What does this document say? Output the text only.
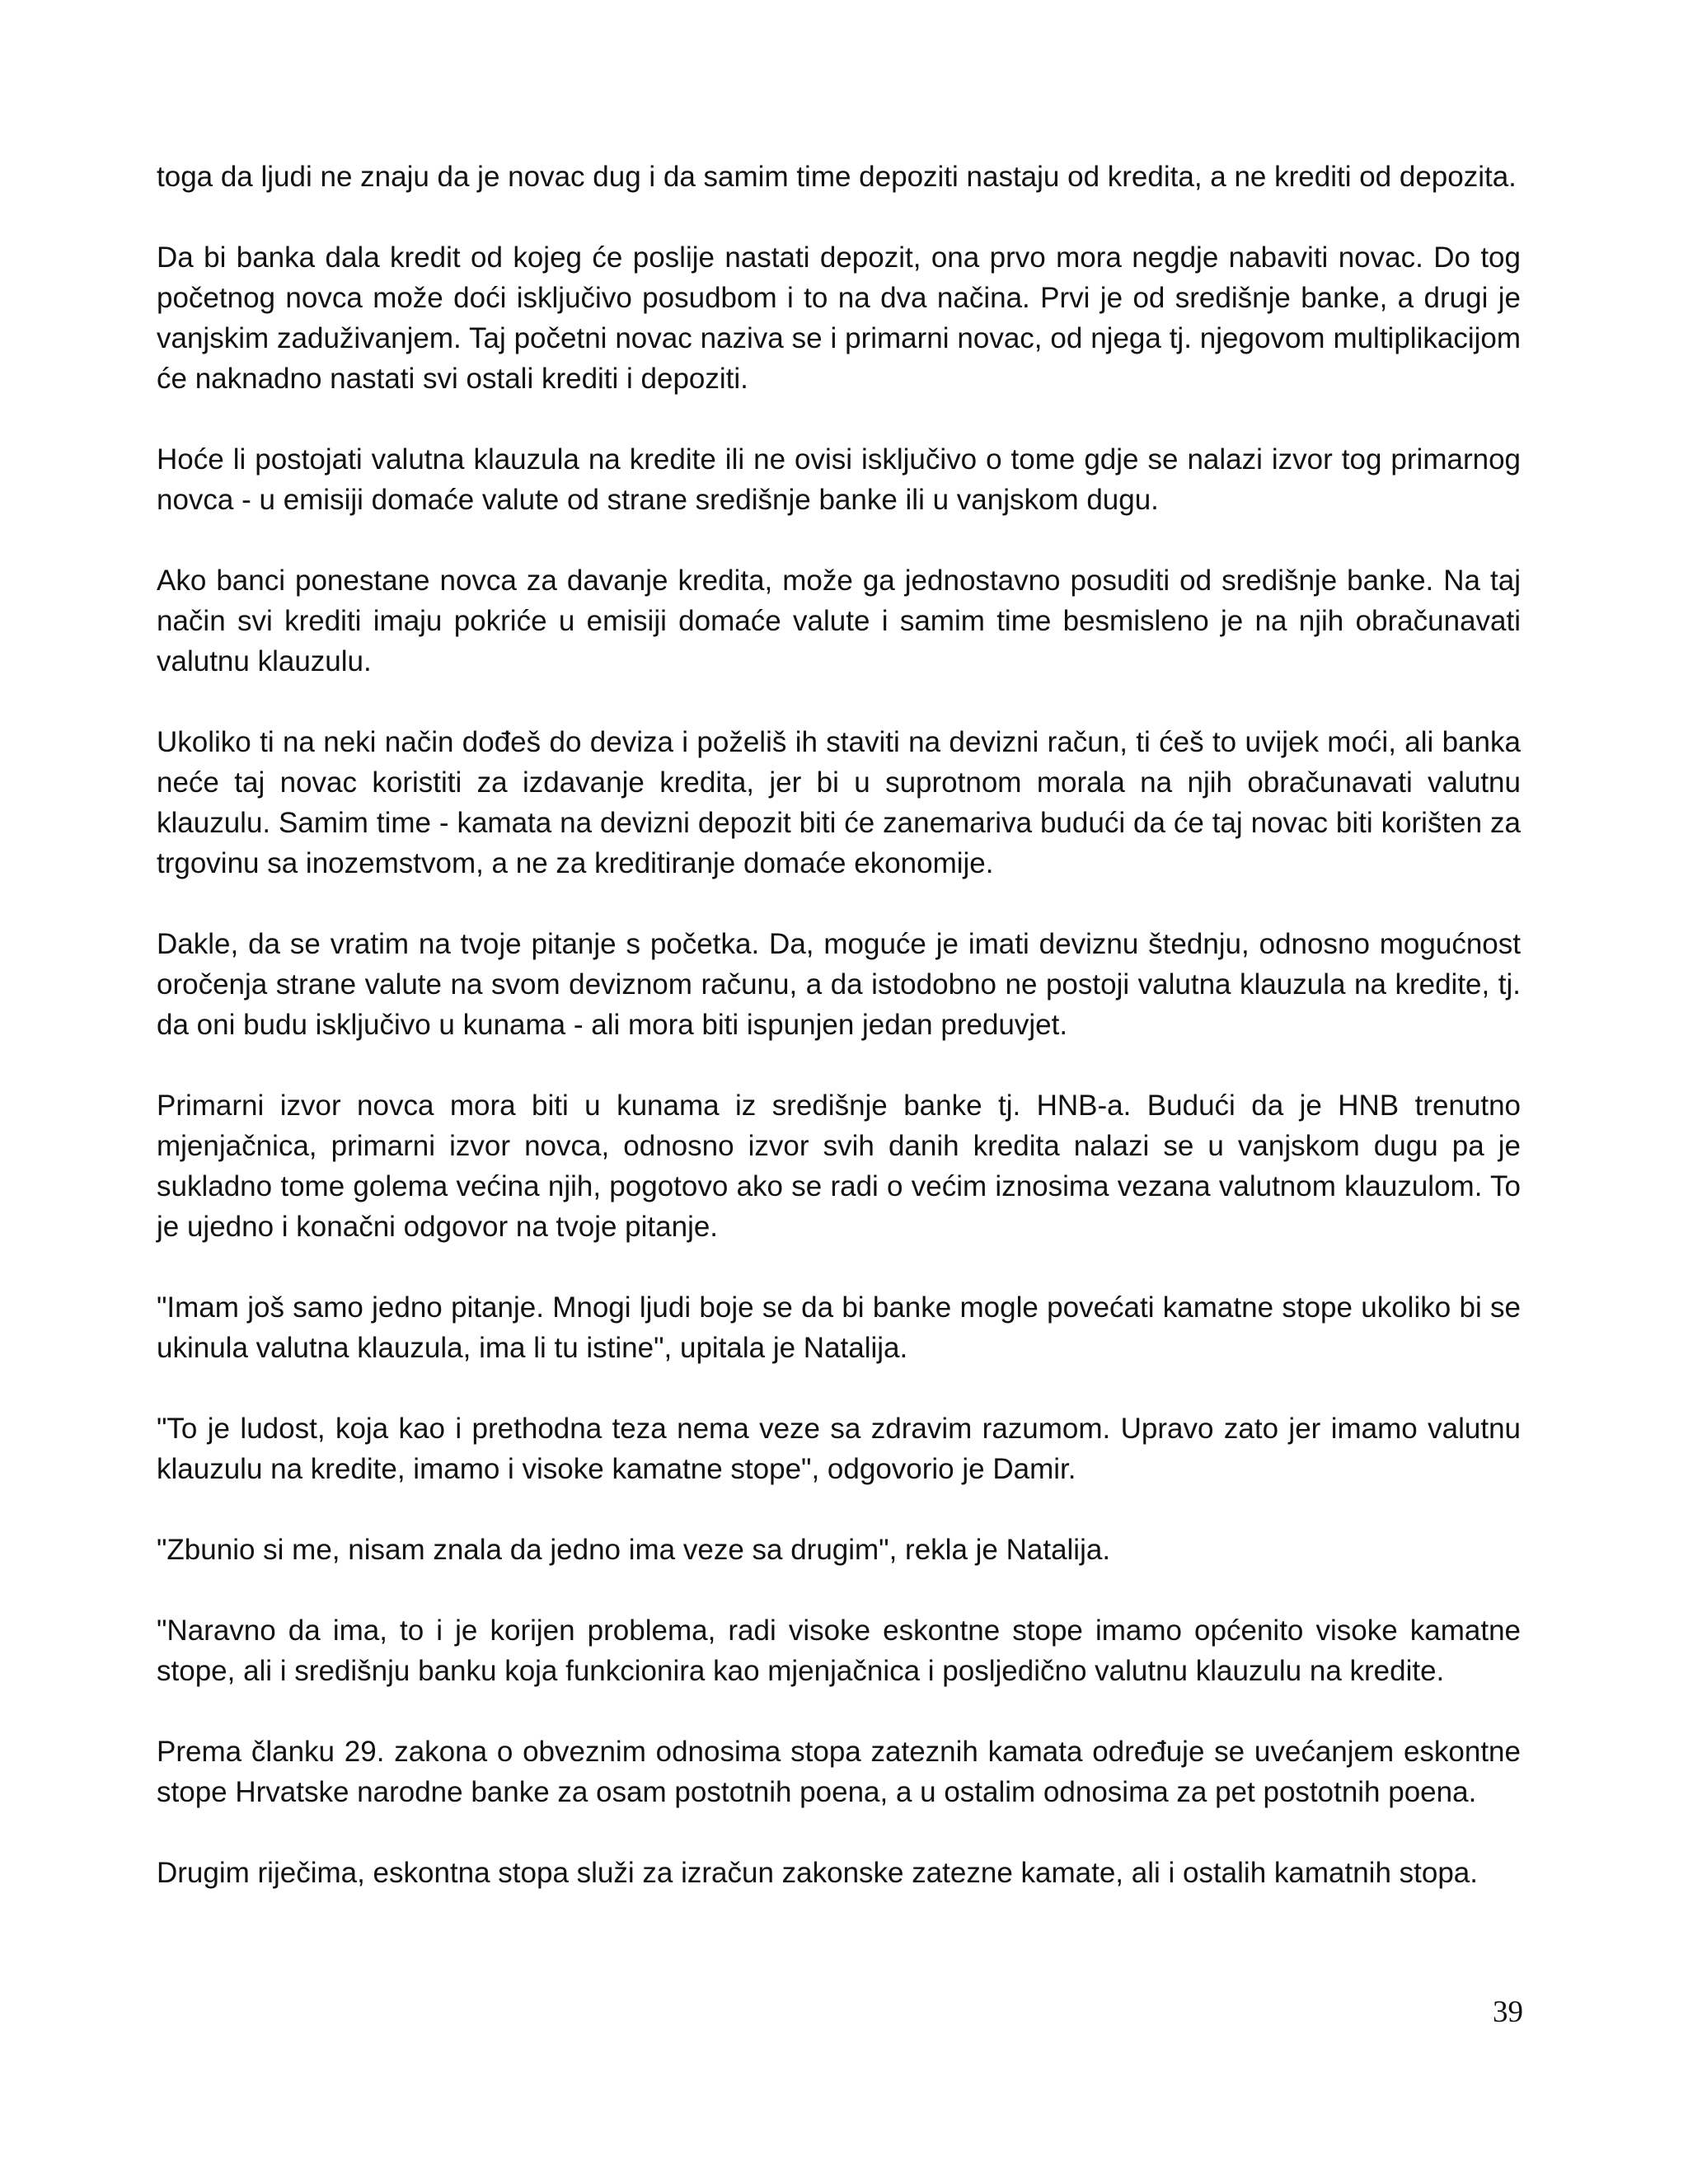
toga da ljudi ne znaju da je novac dug i da samim time depoziti nastaju od kredita, a ne krediti od depozita.

Da bi banka dala kredit od kojeg će poslije nastati depozit, ona prvo mora negdje nabaviti novac. Do tog početnog novca može doći isključivo posudbom i to na dva načina. Prvi je od središnje banke, a drugi je vanjskim zaduživanjem. Taj početni novac naziva se i primarni novac, od njega tj. njegovom multiplikacijom će naknadno nastati svi ostali krediti i depoziti.

Hoće li postojati valutna klauzula na kredite ili ne ovisi isključivo o tome gdje se nalazi izvor tog primarnog novca - u emisiji domaće valute od strane središnje banke ili u vanjskom dugu.

Ako banci ponestane novca za davanje kredita, može ga jednostavno posuditi od središnje banke. Na taj način svi krediti imaju pokriće u emisiji domaće valute i samim time besmisleno je na njih obračunavati valutnu klauzulu.

Ukoliko ti na neki način dođeš do deviza i poželiš ih staviti na devizni račun, ti ćeš to uvijek moći, ali banka neće taj novac koristiti za izdavanje kredita, jer bi u suprotnom morala na njih obračunavati valutnu klauzulu. Samim time - kamata na devizni depozit biti će zanemariva budući da će taj novac biti korišten za trgovinu sa inozemstvom, a ne za kreditiranje domaće ekonomije.

Dakle, da se vratim na tvoje pitanje s početka. Da, moguće je imati deviznu štednju, odnosno mogućnost oročenja strane valute na svom deviznom računu, a da istodobno ne postoji valutna klauzula na kredite, tj. da oni budu isključivo u kunama - ali mora biti ispunjen jedan preduvjet.

Primarni izvor novca mora biti u kunama iz središnje banke tj. HNB-a. Budući da je HNB trenutno mjenjačnica, primarni izvor novca, odnosno izvor svih danih kredita nalazi se u vanjskom dugu pa je sukladno tome golema većina njih, pogotovo ako se radi o većim iznosima vezana valutnom klauzulom. To je ujedno i konačni odgovor na tvoje pitanje.

"Imam još samo jedno pitanje. Mnogi ljudi boje se da bi banke mogle povećati kamatne stope ukoliko bi se ukinula valutna klauzula, ima li tu istine", upitala je Natalija.

"To je ludost, koja kao i prethodna teza nema veze sa zdravim razumom. Upravo zato jer imamo valutnu klauzulu na kredite, imamo i visoke kamatne stope", odgovorio je Damir.

"Zbunio si me, nisam znala da jedno ima veze sa drugim", rekla je Natalija.

"Naravno da ima, to i je korijen problema, radi visoke eskontne stope imamo općenito visoke kamatne stope, ali i središnju banku koja funkcionira kao mjenjačnica i posljedično valutnu klauzulu na kredite.

Prema članku 29. zakona o obveznim odnosima stopa zateznih kamata određuje se uvećanjem eskontne stope Hrvatske narodne banke za osam postotnih poena, a u ostalim odnosima za pet postotnih poena.

Drugim riječima, eskontna stopa služi za izračun zakonske zatezne kamate, ali i ostalih kamatnih stopa.

39
